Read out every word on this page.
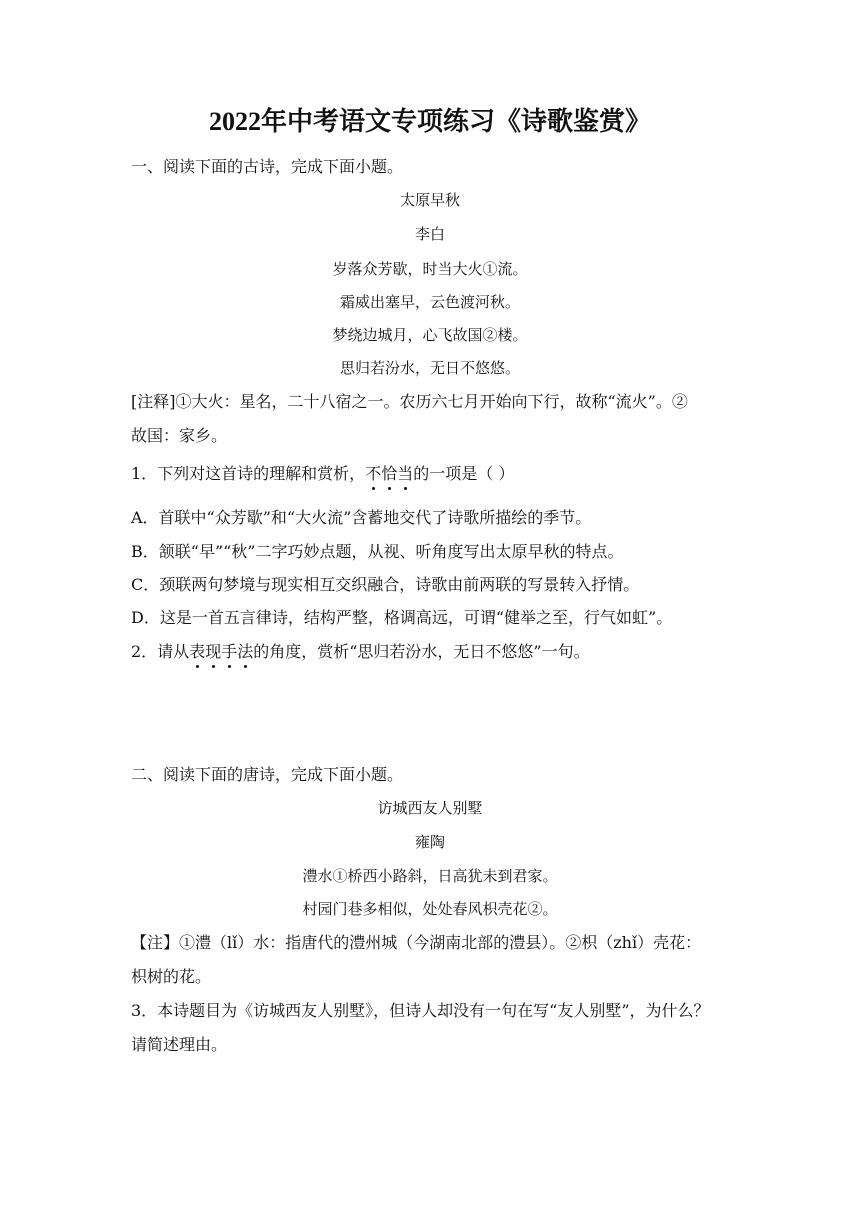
2022年中考语文专项练习《诗歌鉴赏》
一、阅读下面的古诗，完成下面小题。
太原早秋
李白
岁落众芳歇，时当大火①流。
霜威出塞早，云色渡河秋。
梦绕边城月，心飞故国②楼。
思归若汾水，无日不悠悠。
[注释]①大火：星名，二十八宿之一。农历六七月开始向下行，故称“流火”。②
故国：家乡。
1．下列对这首诗的理解和赏析，不恰当的一项是（ ）
A．首联中“众芳歇”和“大火流”含蓄地交代了诗歌所描绘的季节。
B．颔联“早”“秋”二字巧妙点题，从视、听角度写出太原早秋的特点。
C．颈联两句梦境与现实相互交织融合，诗歌由前两联的写景转入抒情。
D．这是一首五言律诗，结构严整，格调高远，可谓“健举之至，行气如虹”。
2．请从表现手法的角度，赏析“思归若汾水，无日不悠悠”一句。
二、阅读下面的唐诗，完成下面小题。
访城西友人别墅
雍陶
澧水①桥西小路斜，日高犹未到君家。
村园门巷多相似，处处春风枳壳花②。
【注】①澧（lǐ）水：指唐代的澧州城（今湖南北部的澧县）。②枳（zhǐ）壳花：
枳树的花。
3．本诗题目为《访城西友人别墅》，但诗人却没有一句在写“友人别墅”，为什么？
请简述理由。
